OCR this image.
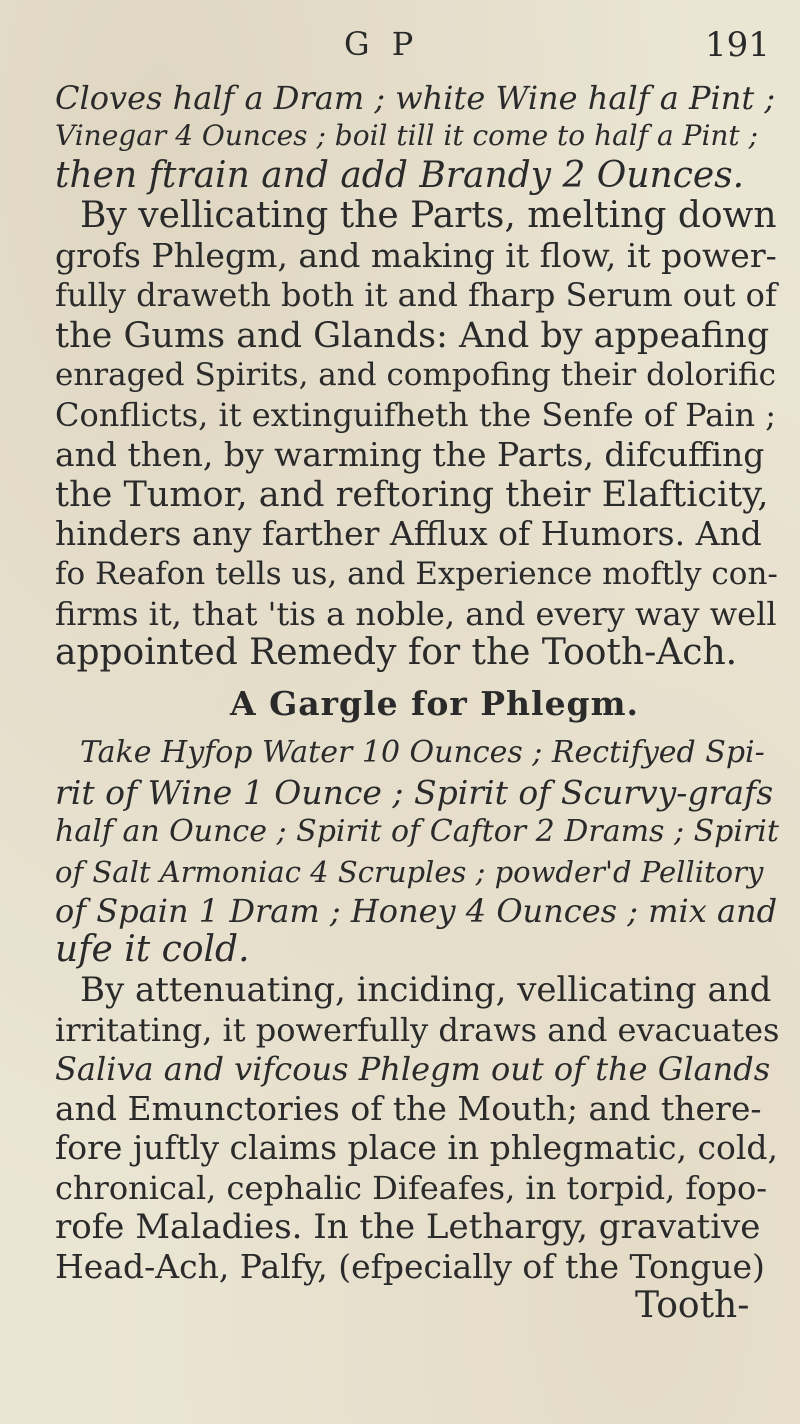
G P	191
Cloves half a Dram ; white Wine half a Pint ;
Vinegar 4 Ounces ; boil till it come to half a Pint ;
then ftrain and add Brandy 2 Ounces.
By vellicating the Parts, melting down
grofs Phlegm, and making it flow, it power-
fully draweth both it and fharp Serum out of
the Gums and Glands: And by appeafing
enraged Spirits, and compofing their dolorific
Conflicts, it extinguifheth the Senfe of Pain ;
and then, by warming the Parts, difcuffing
the Tumor, and reftoring their Elafticity,
hinders any farther Afflux of Humors. And
fo Reafon tells us, and Experience moftly con-
firms it, that 'tis a noble, and every way well
appointed Remedy for the Tooth-Ach.
A Gargle for Phlegm.
Take Hyfop Water 10 Ounces ; Rectifyed Spi-
rit of Wine 1 Ounce ; Spirit of Scurvy-grafs
half an Ounce ; Spirit of Caftor 2 Drams ; Spirit
of Salt Armoniac 4 Scruples ; powder'd Pellitory
of Spain 1 Dram ; Honey 4 Ounces ; mix and
ufe it cold.
By attenuating, inciding, vellicating and
irritating, it powerfully draws and evacuates
Saliva and vifcous Phlegm out of the Glands
and Emunctories of the Mouth; and there-
fore juftly claims place in phlegmatic, cold,
chronical, cephalic Difeafes, in torpid, fopo-
rofe Maladies. In the Lethargy, gravative
Head-Ach, Palfy, (efpecially of the Tongue)
Tooth-
